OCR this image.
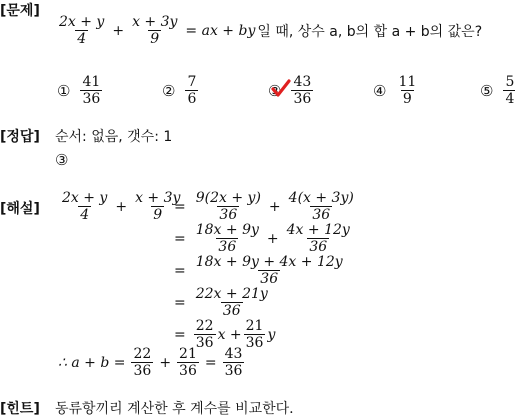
[문제]
$\frac{2x + y}{4} + \frac{x + 3y}{9}$ = ax + by 일 때, 상수 a, b의 합 a + b의 값은?
① $\frac{41}{36}$	② $\frac{7}{6}$	③ $\frac{43}{36}$	④ $\frac{11}{9}$	⑤ $\frac{5}{4}$
[정답] 순서: 없음, 갯수: 1
③
[해설] $\frac{2x + y}{4} + \frac{x + 3y}{9}$
= $\frac{9(2x + y)}{36} + \frac{4(x + 3y)}{36}$
= $\frac{18x + 9y}{36} + \frac{4x + 12y}{36}$
= $\frac{18x + 9y + 4x + 12y}{36}$
= $\frac{22x + 21y}{36}$
= $\frac{22}{36}$ $x + \frac{21}{36}$ y
∴ $a + b = \frac{22}{36} + \frac{21}{36} = \frac{43}{36}$
[힌트] 동류항끼리 계산한 후 계수를 비교한다.
